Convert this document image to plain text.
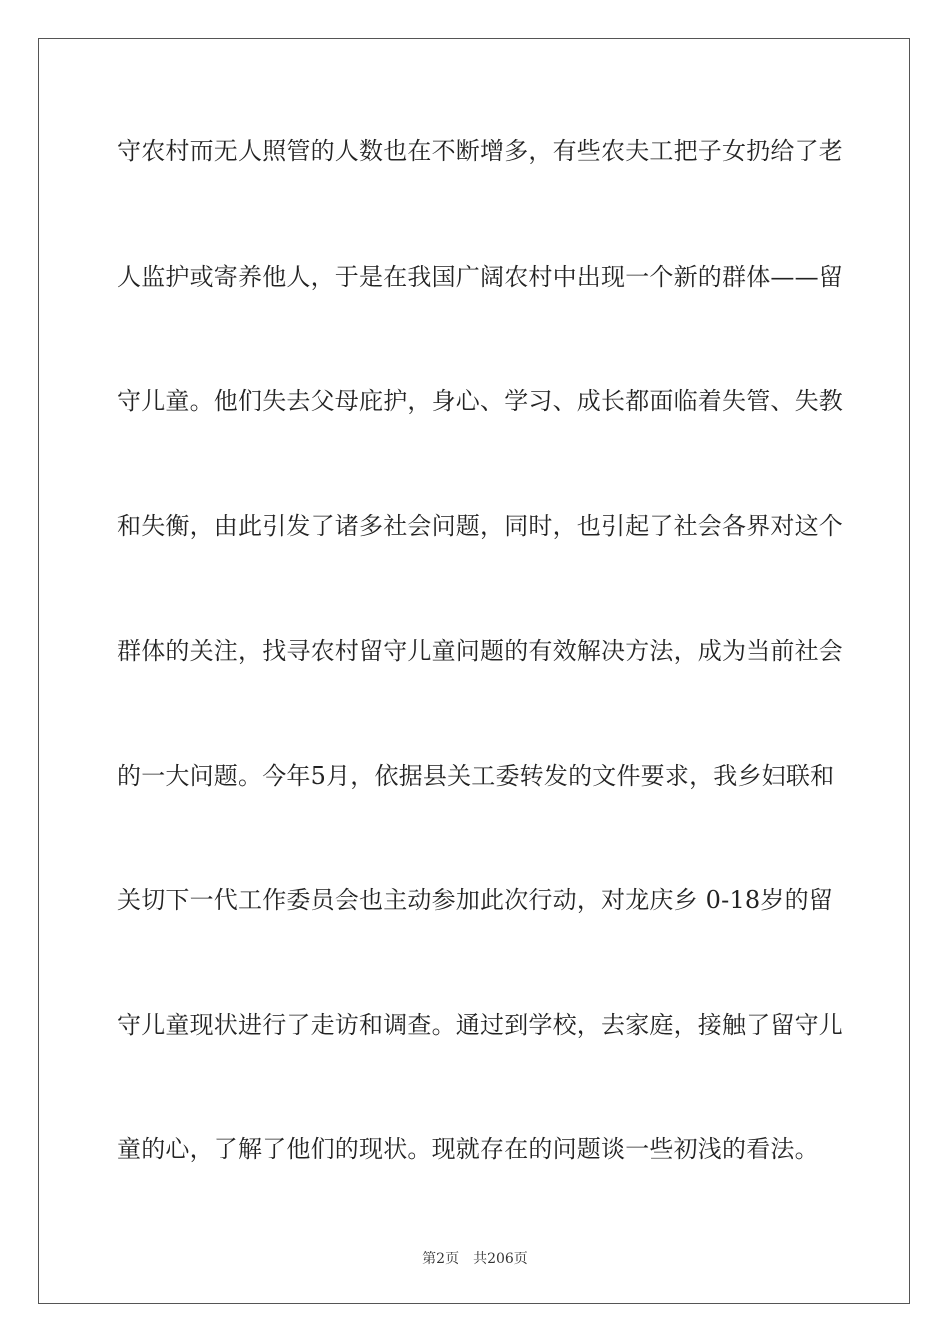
守农村而无人照管的人数也在不断增多，有些农夫工把子女扔给了老
人监护或寄养他人，于是在我国广阔农村中出现一个新的群体——留
守儿童。他们失去父母庇护，身心、学习、成长都面临着失管、失教
和失衡，由此引发了诸多社会问题，同时，也引起了社会各界对这个
群体的关注，找寻农村留守儿童问题的有效解决方法，成为当前社会
的一大问题。今年5月，依据县关工委转发的文件要求，我乡妇联和
关切下一代工作委员会也主动参加此次行动，对龙庆乡 0-18岁的留
守儿童现状进行了走访和调查。通过到学校，去家庭，接触了留守儿
童的心，了解了他们的现状。现就存在的问题谈一些初浅的看法。
第2页　共206页
